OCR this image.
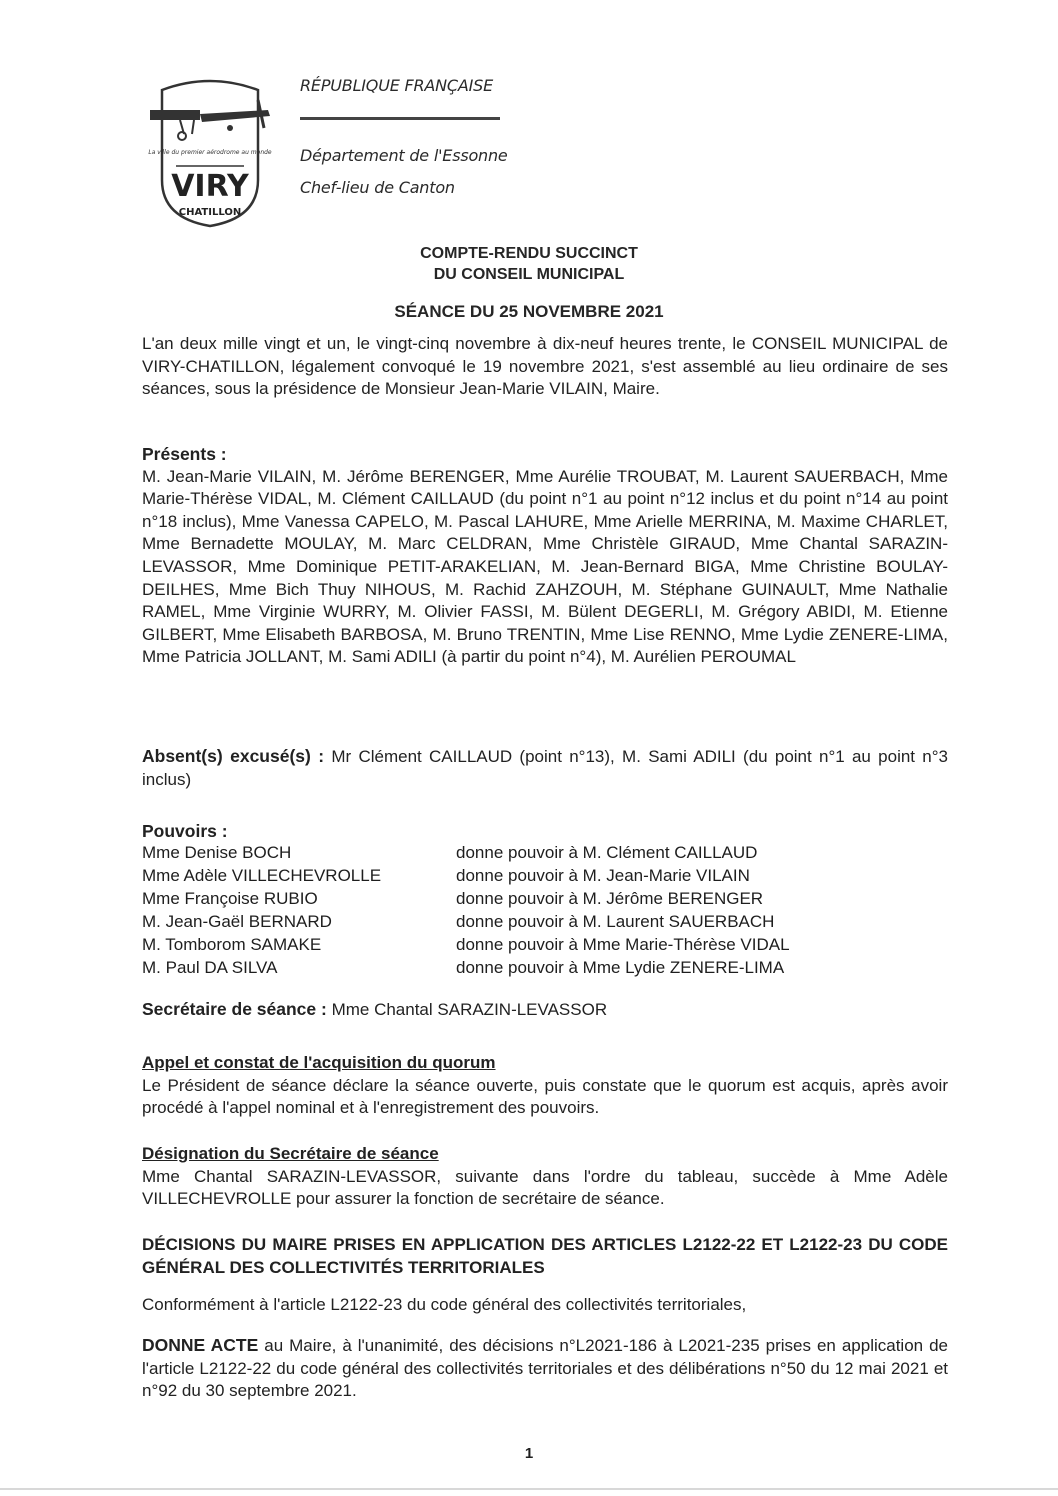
VIRY
CHATILLON
La ville du premier aérodrome au monde
RÉPUBLIQUE FRANÇAISE
Département de l'Essonne
Chef-lieu de Canton
COMPTE-RENDU SUCCINCT
DU CONSEIL MUNICIPAL
SÉANCE DU 25 NOVEMBRE 2021
L'an deux mille vingt et un, le vingt-cinq novembre à dix-neuf heures trente, le CONSEIL MUNICIPAL de VIRY-CHATILLON, légalement convoqué le 19 novembre 2021, s'est assemblé au lieu ordinaire de ses séances, sous la présidence de Monsieur Jean-Marie VILAIN, Maire.
Présents :
M. Jean-Marie VILAIN, M. Jérôme BERENGER, Mme Aurélie TROUBAT, M. Laurent SAUERBACH, Mme Marie-Thérèse VIDAL, M. Clément CAILLAUD (du point n°1 au point n°12 inclus et du point n°14 au point n°18 inclus), Mme Vanessa CAPELO, M. Pascal LAHURE, Mme Arielle MERRINA, M. Maxime CHARLET, Mme Bernadette MOULAY, M. Marc CELDRAN, Mme Christèle GIRAUD, Mme Chantal SARAZIN-LEVASSOR, Mme Dominique PETIT-ARAKELIAN, M. Jean-Bernard BIGA, Mme Christine BOULAY-DEILHES, Mme Bich Thuy NIHOUS, M. Rachid ZAHZOUH, M. Stéphane GUINAULT, Mme Nathalie RAMEL, Mme Virginie WURRY, M. Olivier FASSI, M. Bülent DEGERLI, M. Grégory ABIDI, M. Etienne GILBERT, Mme Elisabeth BARBOSA, M. Bruno TRENTIN, Mme Lise RENNO, Mme Lydie ZENERE-LIMA, Mme Patricia JOLLANT, M. Sami ADILI (à partir du point n°4), M. Aurélien PEROUMAL
Absent(s) excusé(s) : Mr Clément CAILLAUD (point n°13), M. Sami ADILI (du point n°1 au point n°3 inclus)
Pouvoirs :
Mme Denise BOCH	donne pouvoir à M. Clément CAILLAUD
Mme Adèle VILLECHEVROLLE	donne pouvoir à M. Jean-Marie VILAIN
Mme Françoise RUBIO	donne pouvoir à M. Jérôme BERENGER
M. Jean-Gaël BERNARD	donne pouvoir à M. Laurent SAUERBACH
M. Tomborom SAMAKE	donne pouvoir à Mme Marie-Thérèse VIDAL
M. Paul DA SILVA	donne pouvoir à Mme Lydie ZENERE-LIMA
Secrétaire de séance : Mme Chantal SARAZIN-LEVASSOR
Appel et constat de l'acquisition du quorum
Le Président de séance déclare la séance ouverte, puis constate que le quorum est acquis, après avoir procédé à l'appel nominal et à l'enregistrement des pouvoirs.
Désignation du Secrétaire de séance
Mme Chantal SARAZIN-LEVASSOR, suivante dans l'ordre du tableau, succède à Mme Adèle VILLECHEVROLLE pour assurer la fonction de secrétaire de séance.
DÉCISIONS DU MAIRE PRISES EN APPLICATION DES ARTICLES L2122-22 ET L2122-23 DU CODE GÉNÉRAL DES COLLECTIVITÉS TERRITORIALES
Conformément à l'article L2122-23 du code général des collectivités territoriales,
DONNE ACTE au Maire, à l'unanimité, des décisions n°L2021-186 à L2021-235 prises en application de l'article L2122-22 du code général des collectivités territoriales et des délibérations n°50 du 12 mai 2021 et n°92 du 30 septembre 2021.
1
